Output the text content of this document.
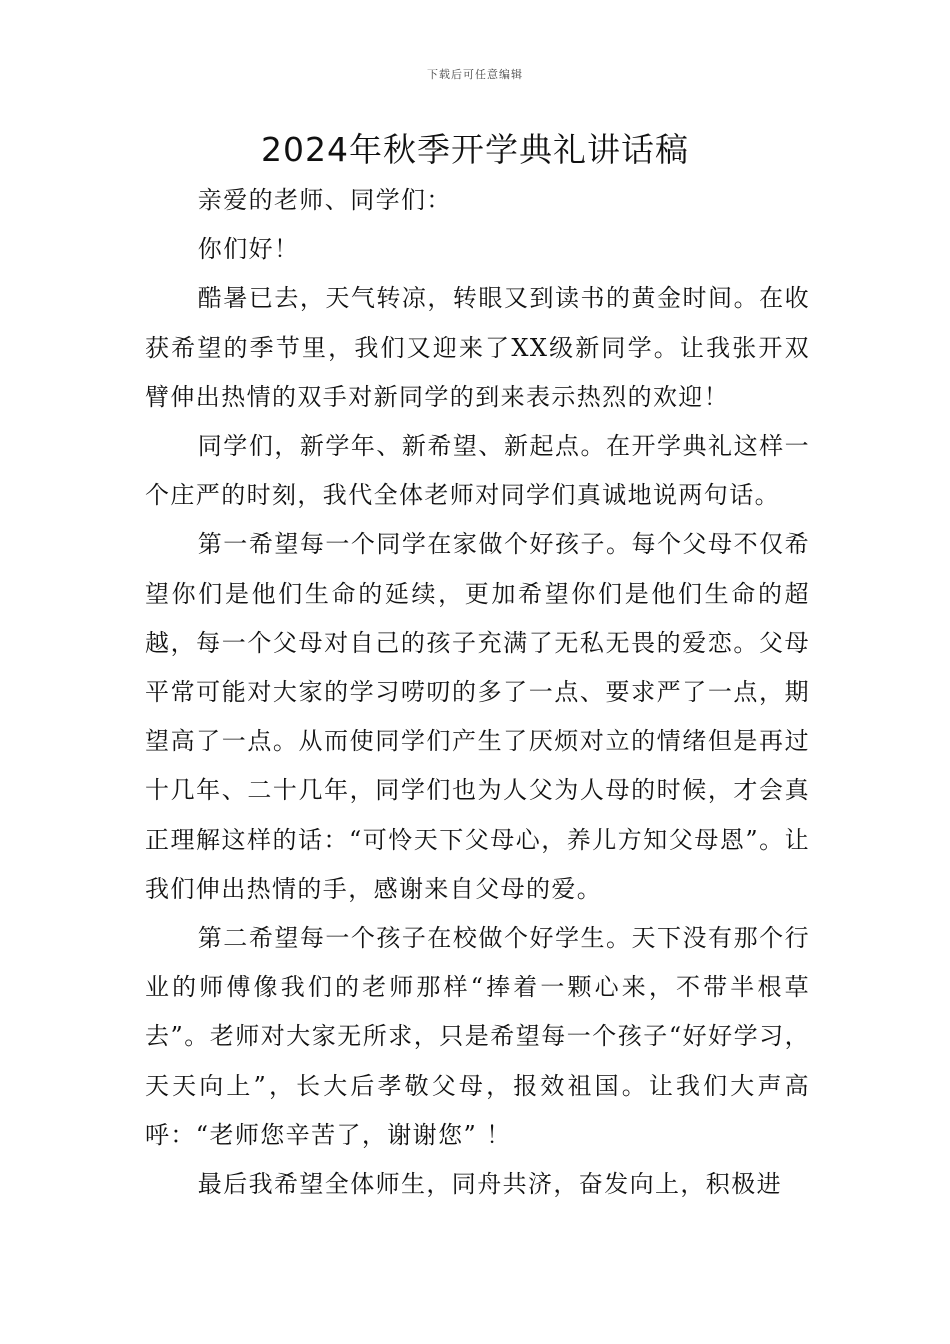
下载后可任意编辑
2024年秋季开学典礼讲话稿

亲爱的老师、同学们：

你们好！

酷暑已去，天气转凉，转眼又到读书的黄金时间。在收获希望的季节里，我们又迎来了XX级新同学。让我张开双臂伸出热情的双手对新同学的到来表示热烈的欢迎！

同学们，新学年、新希望、新起点。在开学典礼这样一个庄严的时刻，我代全体老师对同学们真诚地说两句话。

第一希望每一个同学在家做个好孩子。每个父母不仅希望你们是他们生命的延续，更加希望你们是他们生命的超越，每一个父母对自己的孩子充满了无私无畏的爱恋。父母平常可能对大家的学习唠叨的多了一点、要求严了一点，期望高了一点。从而使同学们产生了厌烦对立的情绪但是再过十几年、二十几年，同学们也为人父为人母的时候，才会真正理解这样的话：“可怜天下父母心，养儿方知父母恩”。让我们伸出热情的手，感谢来自父母的爱。

第二希望每一个孩子在校做个好学生。天下没有那个行业的师傅像我们的老师那样“捧着一颗心来，不带半根草去”。老师对大家无所求，只是希望每一个孩子“好好学习，天天向上”，长大后孝敬父母，报效祖国。让我们大声高呼：“老师您辛苦了，谢谢您” ！

最后我希望全体师生，同舟共济，奋发向上，积极进
